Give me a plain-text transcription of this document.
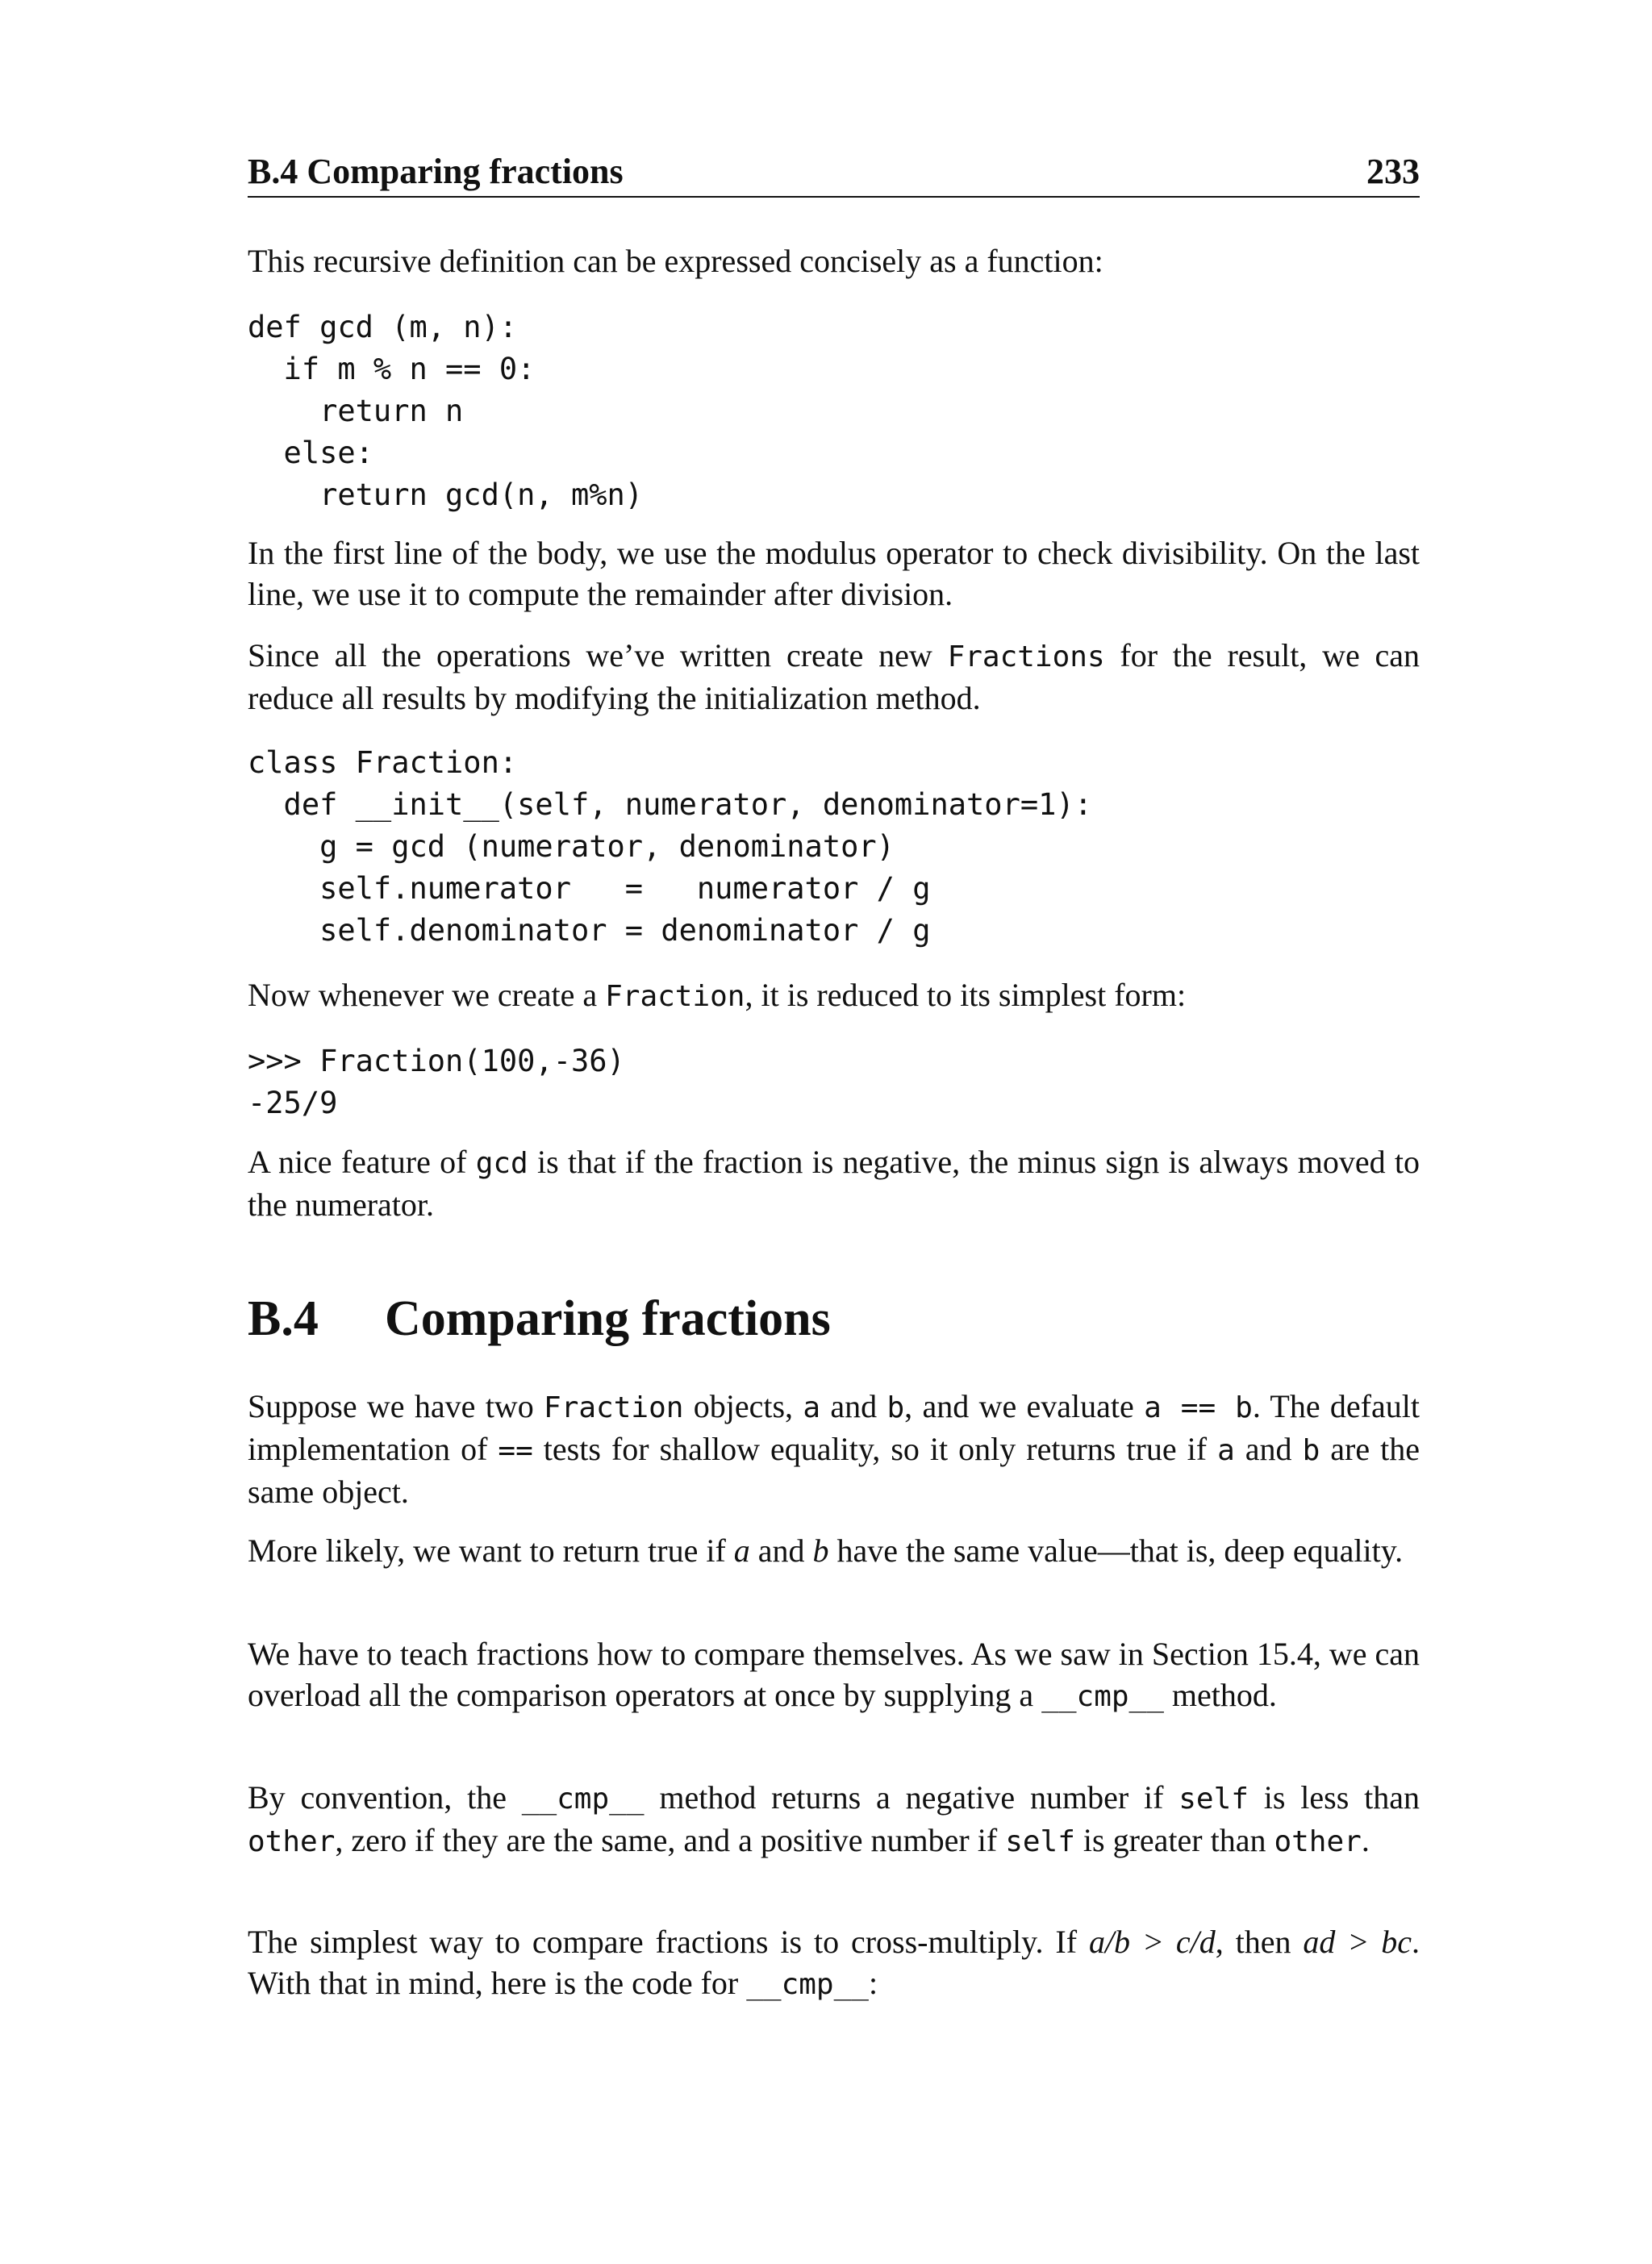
B.4 Comparing fractions	233
This recursive definition can be expressed concisely as a function:
def gcd (m, n):
if m % n == 0:
return n
else:
return gcd(n, m%n)
In the first line of the body, we use the modulus operator to check divisibility. On the last line, we use it to compute the remainder after division.
Since all the operations we’ve written create new Fractions for the result, we can reduce all results by modifying the initialization method.
class Fraction:
def __init__(self, numerator, denominator=1):
g = gcd (numerator, denominator)
self.numerator   =   numerator / g
self.denominator = denominator / g
Now whenever we create a Fraction, it is reduced to its simplest form:
>>> Fraction(100,-36)
-25/9
A nice feature of gcd is that if the fraction is negative, the minus sign is always moved to the numerator.
B.4 Comparing fractions
Suppose we have two Fraction objects, a and b, and we evaluate a == b. The default implementation of == tests for shallow equality, so it only returns true if a and b are the same object.
More likely, we want to return true if a and b have the same value—that is, deep equality.
We have to teach fractions how to compare themselves. As we saw in Section 15.4, we can overload all the comparison operators at once by supplying a __cmp__ method.
By convention, the __cmp__ method returns a negative number if self is less than other, zero if they are the same, and a positive number if self is greater than other.
The simplest way to compare fractions is to cross-multiply. If a/b > c/d, then ad > bc. With that in mind, here is the code for __cmp__:
